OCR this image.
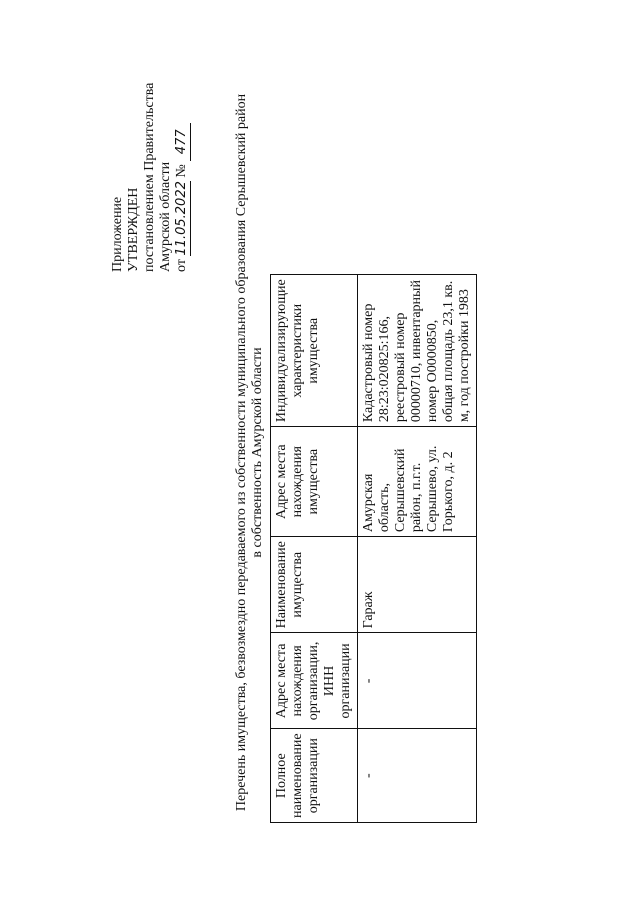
Приложение УТВЕРЖДЕН постановлением Правительства Амурской области от 11.05.2022 № 477	Перечень имущества, безвозмездно передаваемого из собственности муниципального образования Серышевский район в собственность Амурской области
Полное наименование организации	Адрес места нахождения организации, ИНН организации	Наименование имущества	Адрес места нахождения имущества	Индивидуализирующие характеристики имущества
-	-	Гараж	Амурская область, Серышевский район, п.г.т. Серышево, ул. Горького, д. 2	Кадастровый номер 28:23:020825:166, реестровый номер 00000710, инвентарный номер О0000850, общая площадь 23,1 кв. м, год постройки 1983
